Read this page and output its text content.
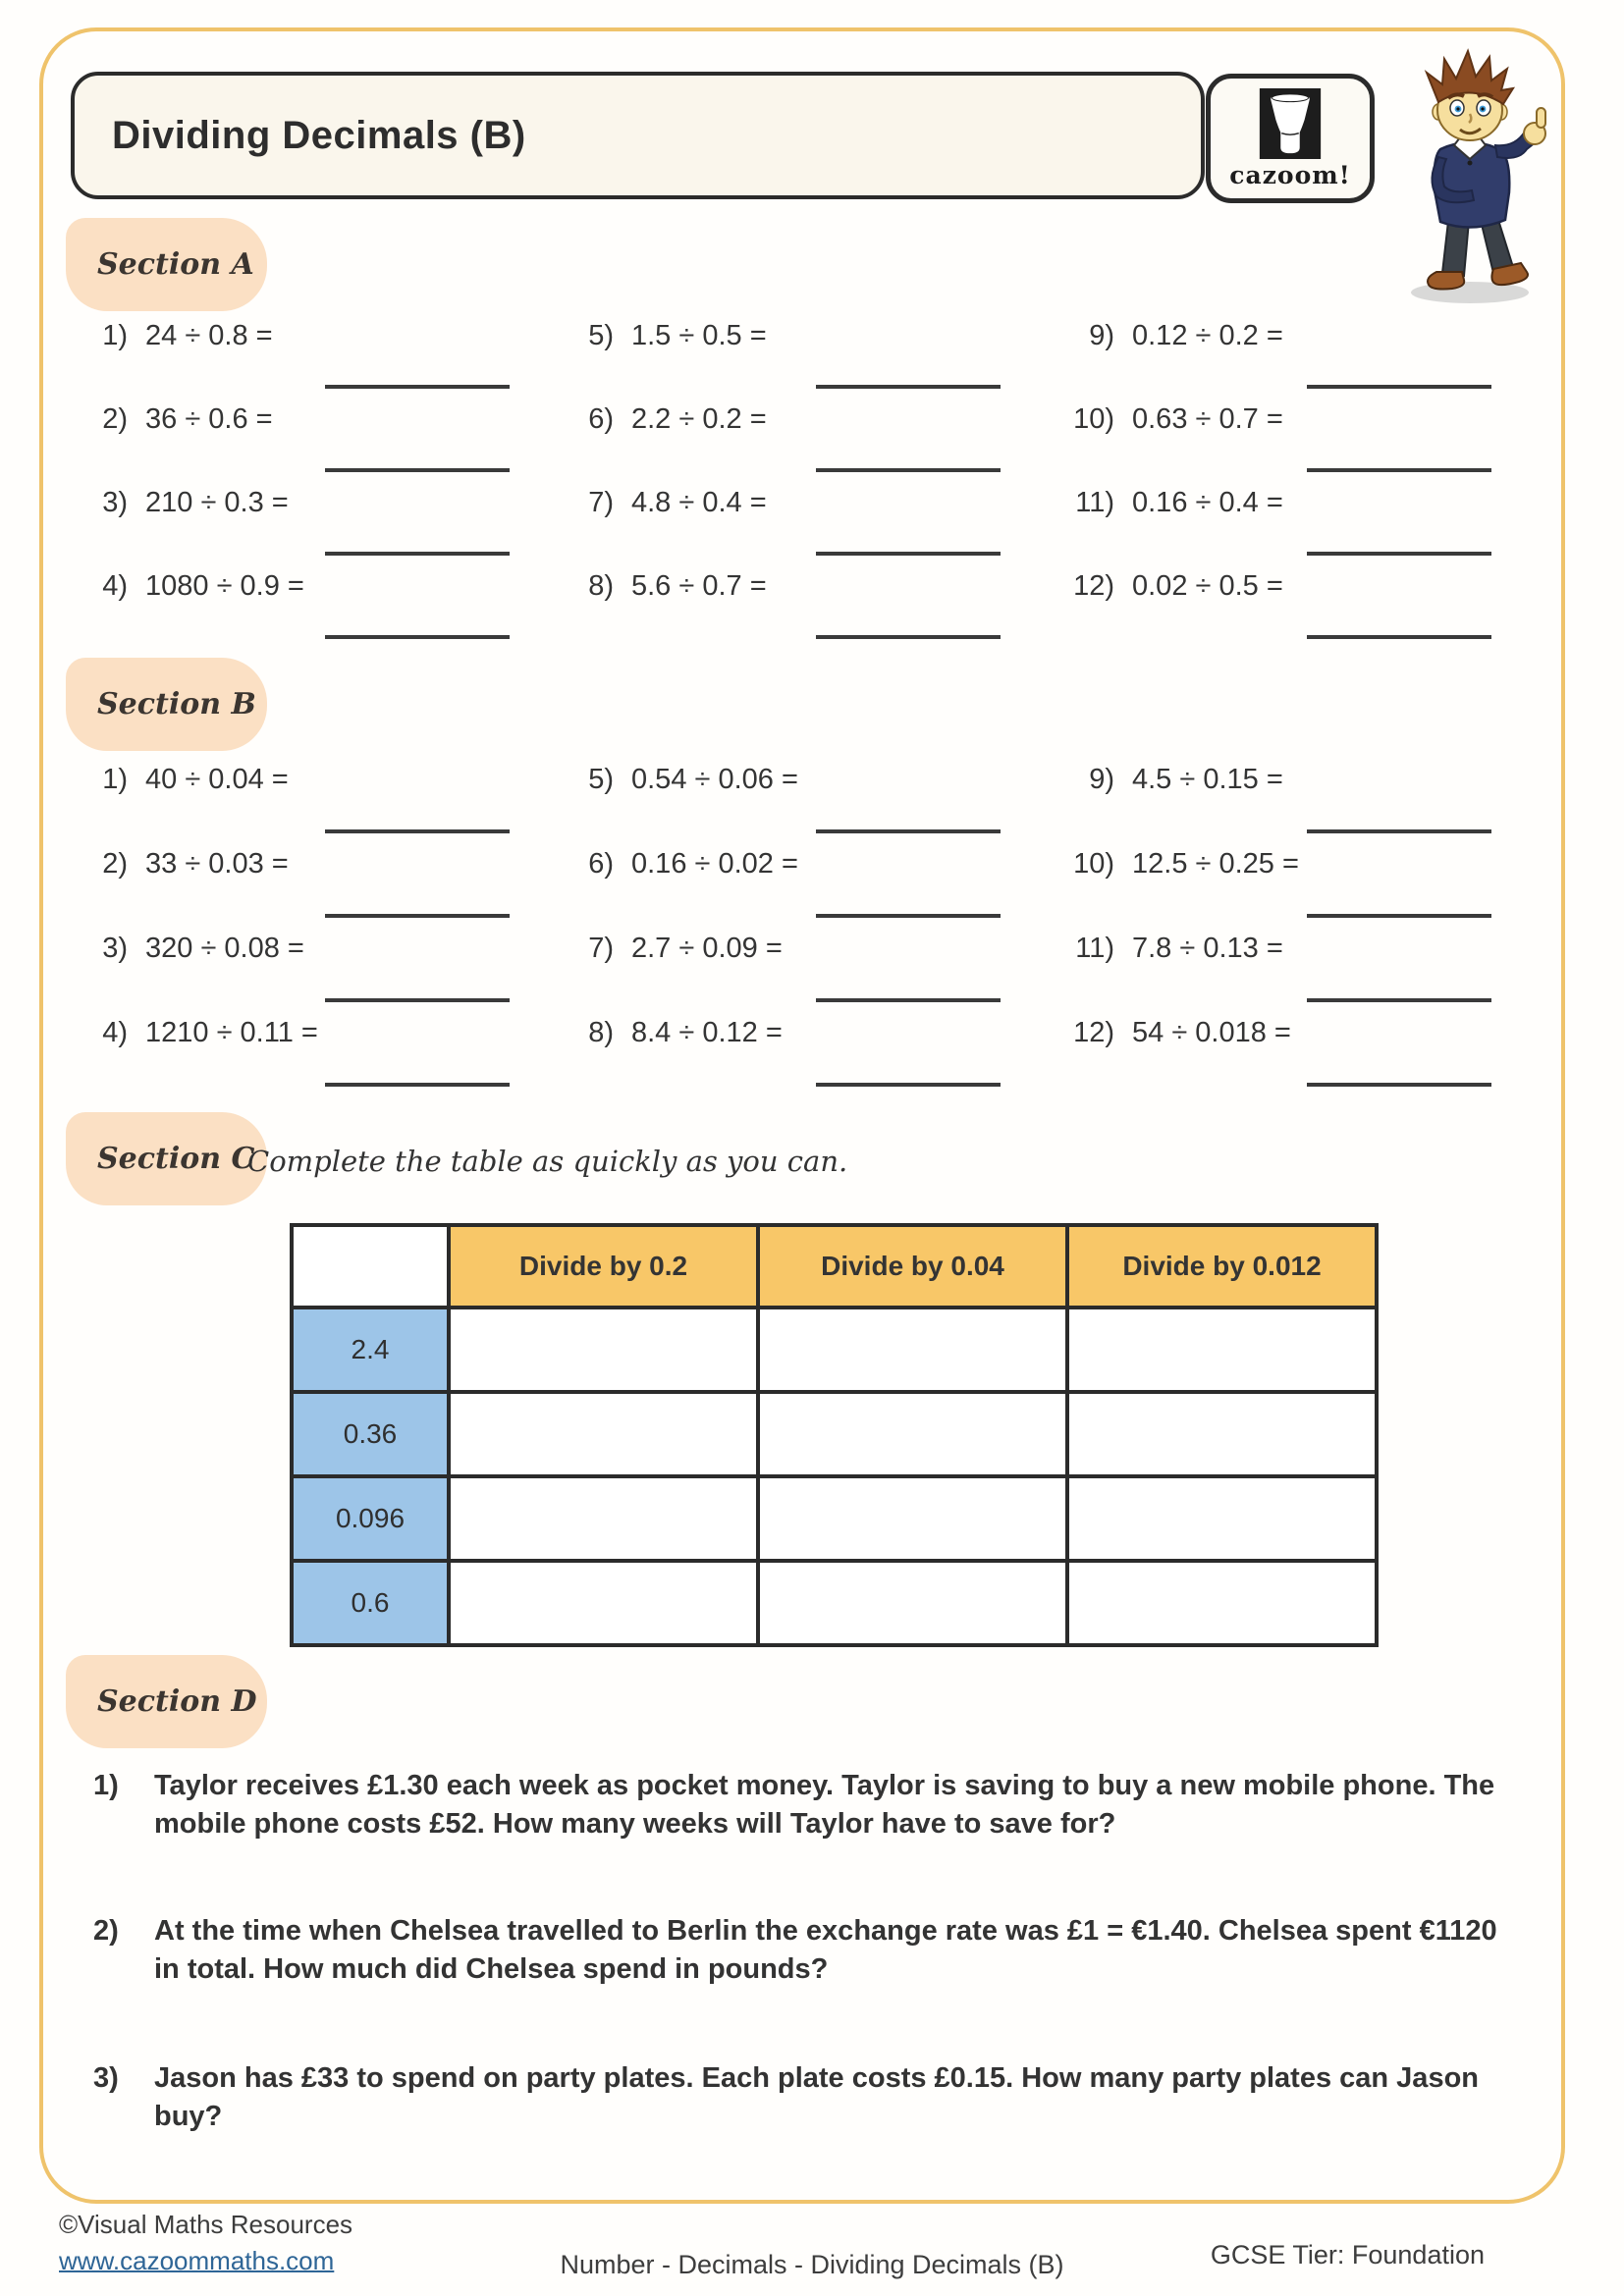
Dividing Decimals (B)
cazoom!
Section A
1) 24 ÷ 0.8 =
2) 36 ÷ 0.6 =
3) 210 ÷ 0.3 =
4) 1080 ÷ 0.9 =
5) 1.5 ÷ 0.5 =
6) 2.2 ÷ 0.2 =
7) 4.8 ÷ 0.4 =
8) 5.6 ÷ 0.7 =
9) 0.12 ÷ 0.2 =
10) 0.63 ÷ 0.7 =
11) 0.16 ÷ 0.4 =
12) 0.02 ÷ 0.5 =
Section B
1) 40 ÷ 0.04 =
2) 33 ÷ 0.03 =
3) 320 ÷ 0.08 =
4) 1210 ÷ 0.11 =
5) 0.54 ÷ 0.06 =
6) 0.16 ÷ 0.02 =
7) 2.7 ÷ 0.09 =
8) 8.4 ÷ 0.12 =
9) 4.5 ÷ 0.15 =
10) 12.5 ÷ 0.25 =
11) 7.8 ÷ 0.13 =
12) 54 ÷ 0.018 =
Section C
Complete the table as quickly as you can.
	Divide by 0.2	Divide by 0.04	Divide by 0.012
2.4			
0.36			
0.096			
0.6			
Section D
1) Taylor receives £1.30 each week as pocket money. Taylor is saving to buy a new mobile phone. The mobile phone costs £52. How many weeks will Taylor have to save for?
2) At the time when Chelsea travelled to Berlin the exchange rate was £1 = €1.40. Chelsea spent €1120 in total. How much did Chelsea spend in pounds?
3) Jason has £33 to spend on party plates. Each plate costs £0.15. How many party plates can Jason buy?
©Visual Maths Resources
www.cazoommaths.com	Number - Decimals - Dividing Decimals (B)	GCSE Tier: Foundation
